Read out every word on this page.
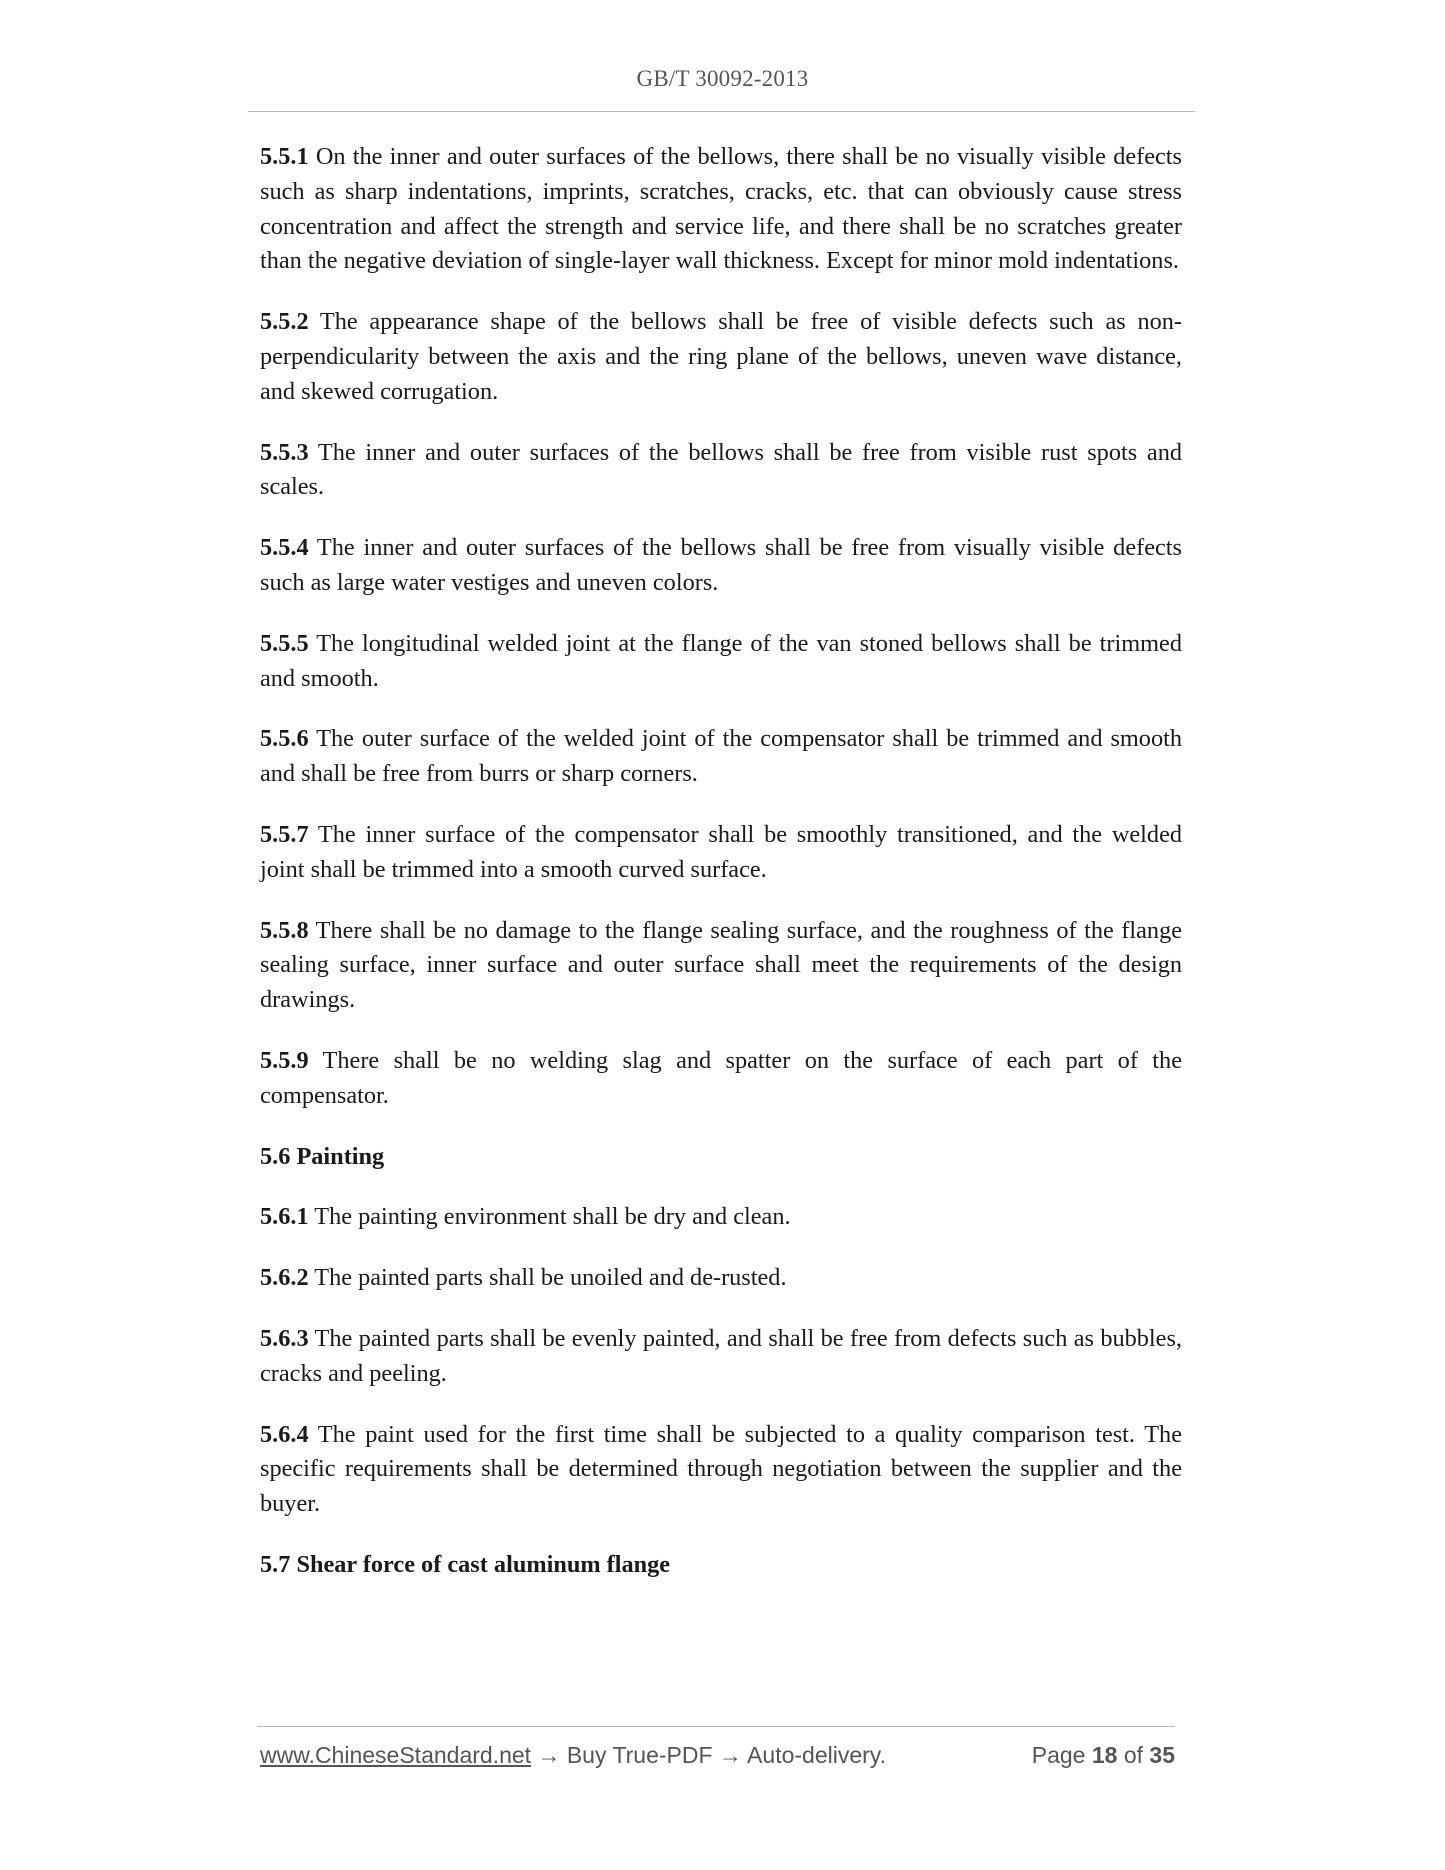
GB/T 30092-2013

5.5.1 On the inner and outer surfaces of the bellows, there shall be no visually visible defects such as sharp indentations, imprints, scratches, cracks, etc. that can obviously cause stress concentration and affect the strength and service life, and there shall be no scratches greater than the negative deviation of single-layer wall thickness. Except for minor mold indentations.

5.5.2 The appearance shape of the bellows shall be free of visible defects such as non-perpendicularity between the axis and the ring plane of the bellows, uneven wave distance, and skewed corrugation.

5.5.3 The inner and outer surfaces of the bellows shall be free from visible rust spots and scales.

5.5.4 The inner and outer surfaces of the bellows shall be free from visually visible defects such as large water vestiges and uneven colors.

5.5.5 The longitudinal welded joint at the flange of the van stoned bellows shall be trimmed and smooth.

5.5.6 The outer surface of the welded joint of the compensator shall be trimmed and smooth and shall be free from burrs or sharp corners.

5.5.7 The inner surface of the compensator shall be smoothly transitioned, and the welded joint shall be trimmed into a smooth curved surface.

5.5.8 There shall be no damage to the flange sealing surface, and the roughness of the flange sealing surface, inner surface and outer surface shall meet the requirements of the design drawings.

5.5.9 There shall be no welding slag and spatter on the surface of each part of the compensator.

5.6 Painting

5.6.1 The painting environment shall be dry and clean.

5.6.2 The painted parts shall be unoiled and de-rusted.

5.6.3 The painted parts shall be evenly painted, and shall be free from defects such as bubbles, cracks and peeling.

5.6.4 The paint used for the first time shall be subjected to a quality comparison test. The specific requirements shall be determined through negotiation between the supplier and the buyer.

5.7 Shear force of cast aluminum flange

www.ChineseStandard.net → Buy True-PDF → Auto-delivery.	Page 18 of 35
